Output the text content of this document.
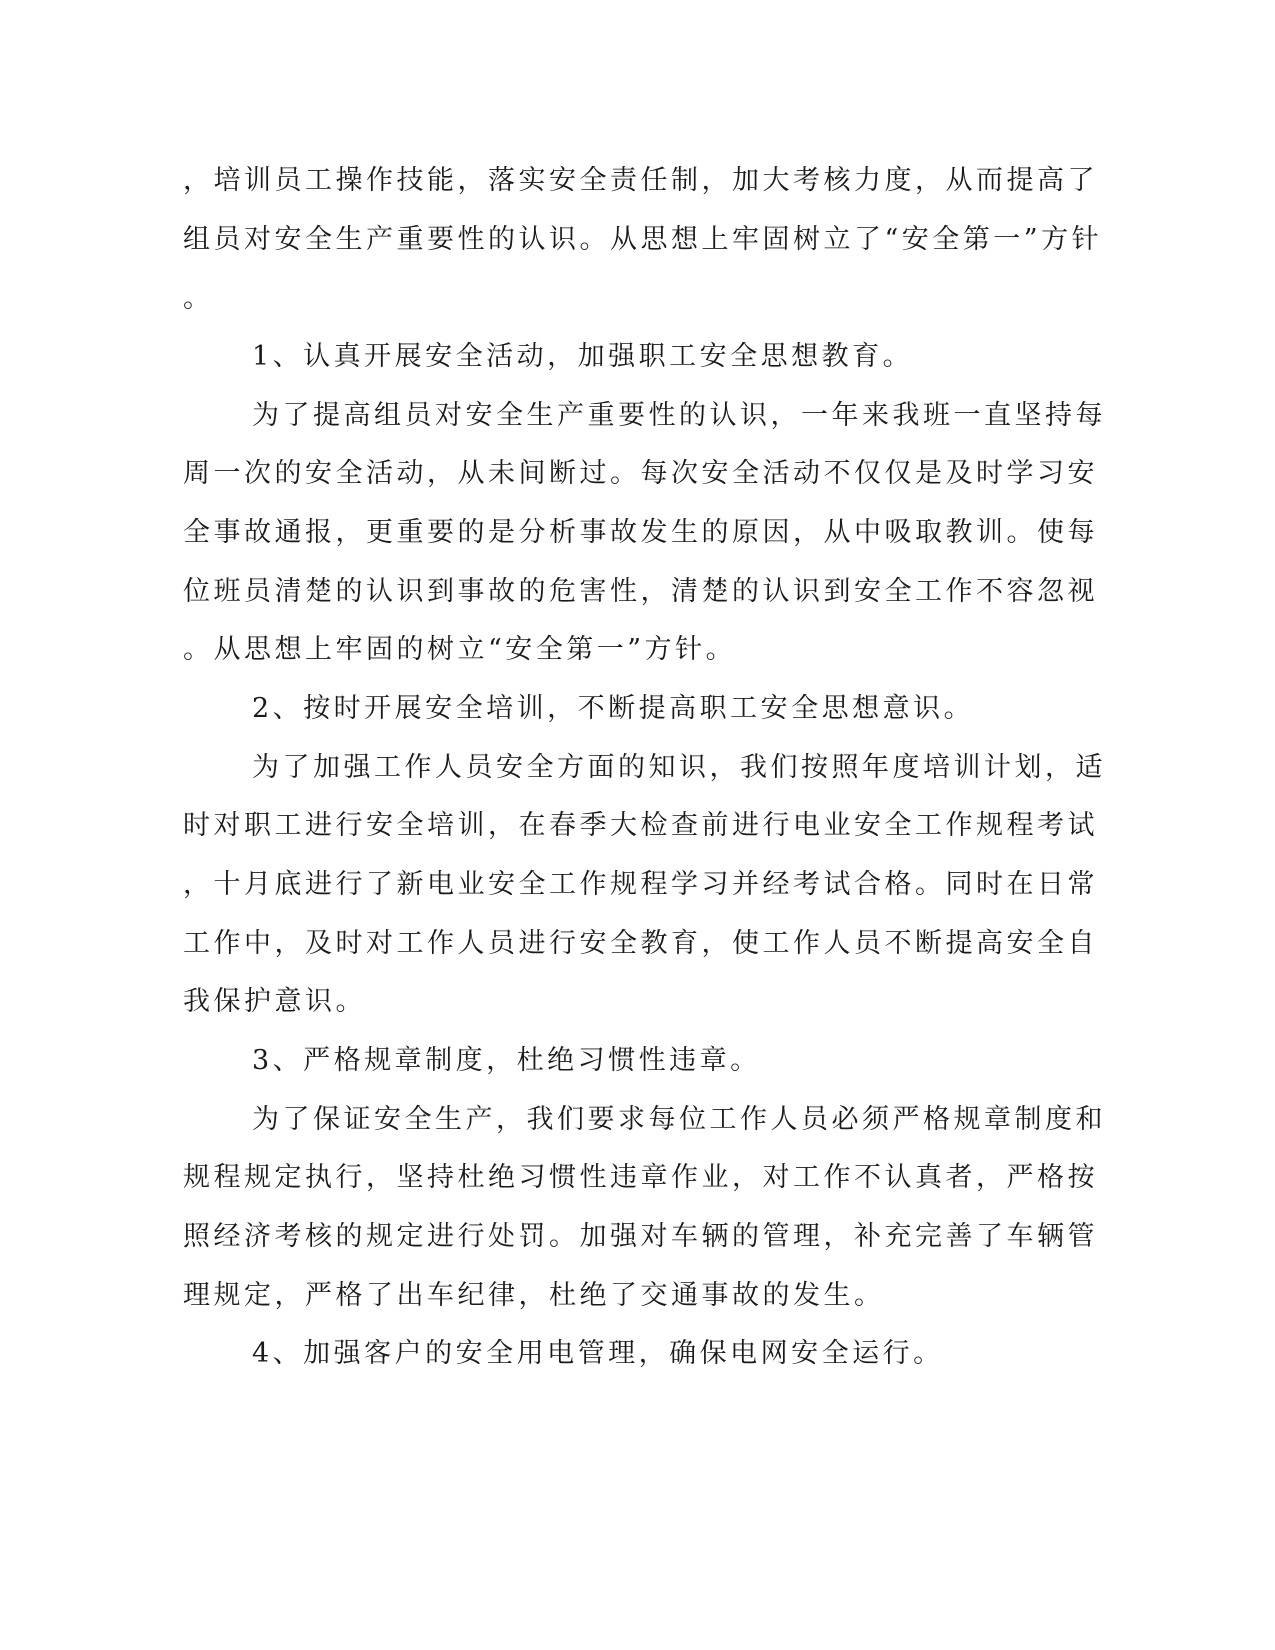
，培训员工操作技能，落实安全责任制，加大考核力度，从而提高了
组员对安全生产重要性的认识。从思想上牢固树立了“安全第一”方针
。
1、认真开展安全活动，加强职工安全思想教育。
为了提高组员对安全生产重要性的认识，一年来我班一直坚持每
周一次的安全活动，从未间断过。每次安全活动不仅仅是及时学习安
全事故通报，更重要的是分析事故发生的原因，从中吸取教训。使每
位班员清楚的认识到事故的危害性，清楚的认识到安全工作不容忽视
。从思想上牢固的树立“安全第一”方针。
2、按时开展安全培训，不断提高职工安全思想意识。
为了加强工作人员安全方面的知识，我们按照年度培训计划，适
时对职工进行安全培训，在春季大检查前进行电业安全工作规程考试
，十月底进行了新电业安全工作规程学习并经考试合格。同时在日常
工作中，及时对工作人员进行安全教育，使工作人员不断提高安全自
我保护意识。
3、严格规章制度，杜绝习惯性违章。
为了保证安全生产，我们要求每位工作人员必须严格规章制度和
规程规定执行，坚持杜绝习惯性违章作业，对工作不认真者，严格按
照经济考核的规定进行处罚。加强对车辆的管理，补充完善了车辆管
理规定，严格了出车纪律，杜绝了交通事故的发生。
4、加强客户的安全用电管理，确保电网安全运行。
